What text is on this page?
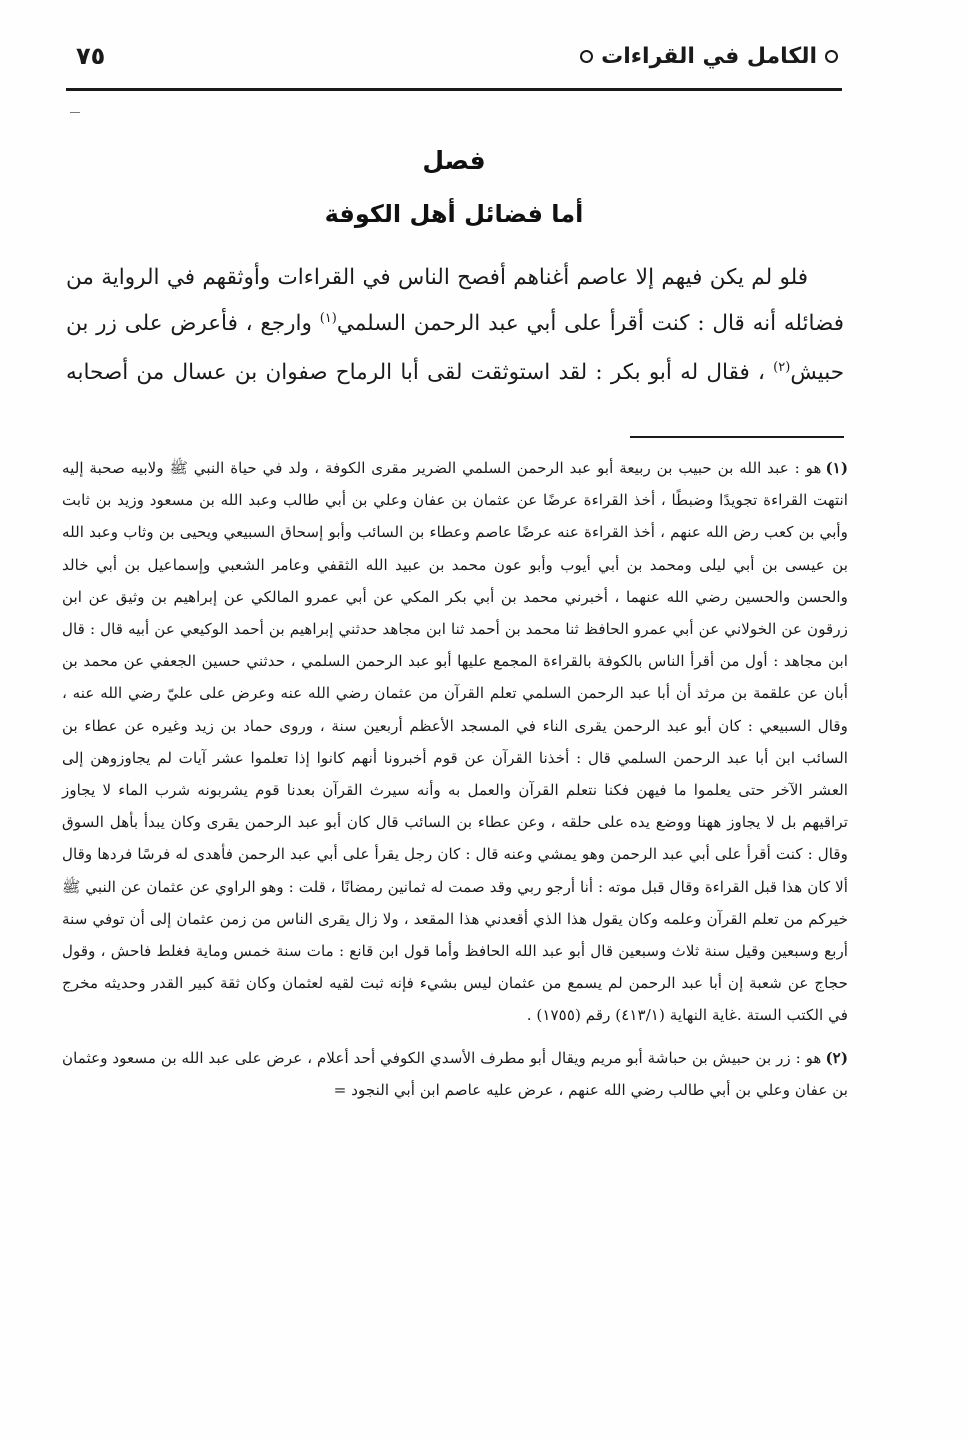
الكامل في القراءات
٧٥
فصل
أما فضائل أهل الكوفة

فلو لم يكن فيهم إلا عاصم أغناهم أفصح الناس في القراءات وأوثقهم في الرواية من فضائله أنه قال : كنت أقرأ على أبي عبد الرحمن السلمي$^{(١)}$ وارجع ، فأعرض على زر بن حبيش$^{(٢)}$ ، فقال له أبو بكر : لقد استوثقت لقى أبا الرماح صفوان بن عسال من أصحابه

(١)هو : عبد الله بن حبيب بن ربيعة أبو عبد الرحمن السلمي الضرير مقرى الكوفة ، ولد في حياة النبي ﷺ ولابيه صحبة إليه انتهت القراءة تجويدًا وضبطًا ، أخذ القراءة عرضًا عن عثمان بن عفان وعلي بن أبي طالب وعبد الله بن مسعود وزيد بن ثابت وأبي بن كعب رض الله عنهم ، أخذ القراءة عنه عرضًا عاصم وعطاء بن السائب وأبو إسحاق السبيعي ويحيى بن وثاب وعبد الله بن عيسى بن أبي ليلى ومحمد بن أبي أيوب وأبو عون محمد بن عبيد الله الثقفي وعامر الشعبي وإسماعيل بن أبي خالد والحسن والحسين رضي الله عنهما ، أخبرني محمد بن أبي بكر المكي عن أبي عمرو المالكي عن إبراهيم بن وثيق عن ابن زرقون عن الخولاني عن أبي عمرو الحافظ ثنا محمد بن أحمد ثنا ابن مجاهد حدثني إبراهيم بن أحمد الوكيعي عن أبيه قال : قال ابن مجاهد : أول من أقرأ الناس بالكوفة بالقراءة المجمع عليها أبو عبد الرحمن السلمي ، حدثني حسين الجعفي عن محمد بن أبان عن علقمة بن مرثد أن أبا عبد الرحمن السلمي تعلم القرآن من عثمان رضي الله عنه وعرض على عليّ رضي الله عنه ، وقال السبيعي : كان أبو عبد الرحمن يقرى الناء في المسجد الأعظم أربعين سنة ، وروى حماد بن زيد وغيره عن عطاء بن السائب ابن أبا عبد الرحمن السلمي قال : أخذنا القرآن عن قوم أخبرونا أنهم كانوا إذا تعلموا عشر آيات لم يجاوزوهن إلى العشر الآخر حتى يعلموا ما فيهن فكنا نتعلم القرآن والعمل به وأنه سيرث القرآن بعدنا قوم يشربونه شرب الماء لا يجاوز تراقيهم بل لا يجاوز ههنا ووضع يده على حلقه ، وعن عطاء بن السائب قال كان أبو عبد الرحمن يقرى وكان يبدأ بأهل السوق وقال : كنت أقرأ على أبي عبد الرحمن وهو يمشي وعنه قال : كان رجل يقرأ على أبي عبد الرحمن فأهدى له فرسًا فردها وقال ألا كان هذا قبل القراءة وقال قبل موته : أنا أرجو ربي وقد صمت له ثمانين رمضانًا ، قلت : وهو الراوي عن عثمان عن النبي ﷺ خيركم من تعلم القرآن وعلمه وكان يقول هذا الذي أقعدني هذا المقعد ، ولا زال يقرى الناس من زمن عثمان إلى أن توفي سنة أربع وسبعين وقيل سنة ثلاث وسبعين قال أبو عبد الله الحافظ وأما قول ابن قانع : مات سنة خمس وماية فغلط فاحش ، وقول حجاج عن شعبة إن أبا عبد الرحمن لم يسمع من عثمان ليس بشيء فإنه ثبت لقيه لعثمان وكان ثقة كبير القدر وحديثه مخرج في الكتب الستة .غاية النهاية (٤١٣/١) رقم (١٧٥٥) .

(٢)هو : زر بن حبيش بن حباشة أبو مريم ويقال أبو مطرف الأسدي الكوفي أحد أعلام ، عرض على عبد الله بن مسعود وعثمان بن عفان وعلي بن أبي طالب رضي الله عنهم ، عرض عليه عاصم ابن أبي النجود =
